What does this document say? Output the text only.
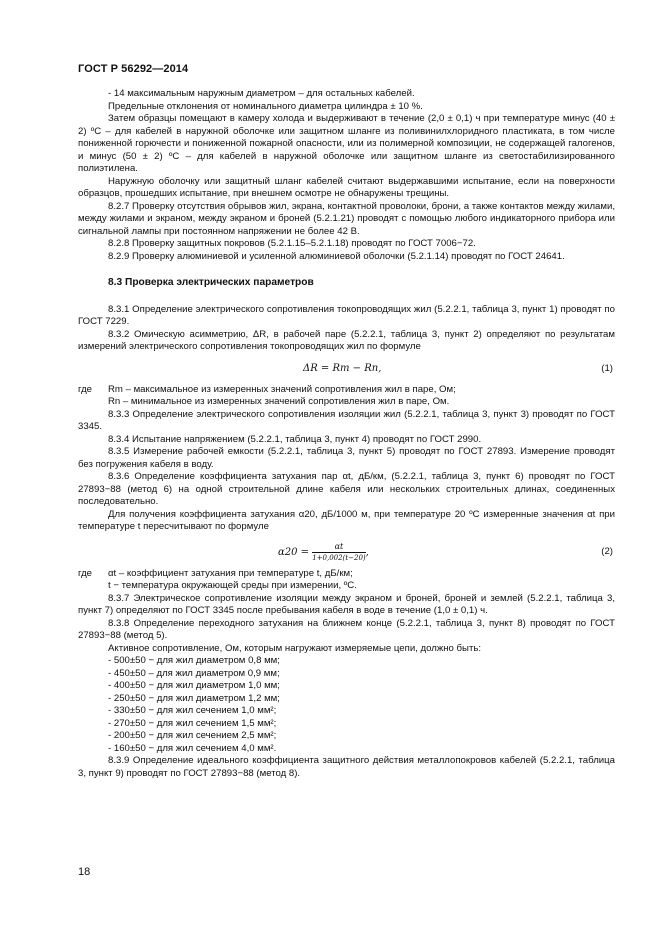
ГОСТ Р 56292—2014

- 14 максимальным наружным диаметром – для остальных кабелей.

Предельные отклонения от номинального диаметра цилиндра ± 10 %.

Затем образцы помещают в камеру холода и выдерживают в течение (2,0 ± 0,1) ч при температуре минус (40 ± 2) ºС – для кабелей в наружной оболочке или защитном шланге из поливинилхлоридного пластиката, в том числе пониженной горючести и пониженной пожарной опасности, или из полимерной композиции, не содержащей галогенов, и минус (50 ± 2) ºС – для кабелей в наружной оболочке или защитном шланге из светостабилизированного полиэтилена.

Наружную оболочку или защитный шланг кабелей считают выдержавшими испытание, если на поверхности образцов, прошедших испытание, при внешнем осмотре не обнаружены трещины.

8.2.7 Проверку отсутствия обрывов жил, экрана, контактной проволоки, брони, а также контактов между жилами, между жилами и экраном, между экраном и броней (5.2.1.21) проводят с помощью любого индикаторного прибора или сигнальной лампы при постоянном напряжении не более 42 В.

8.2.8 Проверку защитных покровов (5.2.1.15–5.2.1.18) проводят по ГОСТ 7006−72.

8.2.9 Проверку алюминиевой и усиленной алюминиевой оболочки (5.2.1.14) проводят по ГОСТ 24641.

8.3 Проверка электрических параметров

8.3.1 Определение электрического сопротивления токопроводящих жил (5.2.2.1, таблица 3, пункт 1) проводят по ГОСТ 7229.

8.3.2 Омическую асимметрию, ΔR, в рабочей паре (5.2.2.1, таблица 3, пункт 2) определяют по результатам измерений электрического сопротивления токопроводящих жил по формуле

ΔR = Rm − Rn,	(1)
где Rm – максимальное из измеренных значений сопротивления жил в паре, Ом;

Rn – минимальное из измеренных значений сопротивления жил в паре, Ом.

8.3.3 Определение электрического сопротивления изоляции жил (5.2.2.1, таблица 3, пункт 3) проводят по ГОСТ 3345.

8.3.4 Испытание напряжением (5.2.2.1, таблица 3, пункт 4) проводят по ГОСТ 2990.

8.3.5 Измерение рабочей емкости (5.2.2.1, таблица 3, пункт 5) проводят по ГОСТ 27893. Измерение проводят без погружения кабеля в воду.

8.3.6 Определение коэффициента затухания пар αt, дБ/км, (5.2.2.1, таблица 3, пункт 6) проводят по ГОСТ 27893−88 (метод 6) на одной строительной длине кабеля или нескольких строительных длинах, соединенных последовательно.

Для получения коэффициента затухания α20, дБ/1000 м, при температуре 20 ºС измеренные значения αt при температуре t пересчитывают по формуле

$\alpha 20 = \frac{\alpha t}{1+0,002(t-20)}$ ,	(2)
где αt – коэффициент затухания при температуре t, дБ/км;

t − температура окружающей среды при измерении, ºС.

8.3.7 Электрическое сопротивление изоляции между экраном и броней, броней и землей (5.2.2.1, таблица 3, пункт 7) определяют по ГОСТ 3345 после пребывания кабеля в воде в течение (1,0 ± 0,1) ч.

8.3.8 Определение переходного затухания на ближнем конце (5.2.2.1, таблица 3, пункт 8) проводят по ГОСТ 27893−88 (метод 5).

Активное сопротивление, Ом, которым нагружают измеряемые цепи, должно быть:

- 500±50 − для жил диаметром 0,8 мм;

- 450±50 – для жил диаметром 0,9 мм;

- 400±50 − для жил диаметром 1,0 мм;

- 250±50 − для жил диаметром 1,2 мм;

- 330±50 − для жил сечением 1,0 мм²;

- 270±50 − для жил сечением 1,5 мм²;

- 200±50 − для жил сечением 2,5 мм²;

- 160±50 − для жил сечением 4,0 мм².

8.3.9 Определение идеального коэффициента защитного действия металлопокровов кабелей (5.2.2.1, таблица 3, пункт 9) проводят по ГОСТ 27893−88 (метод 8).

18
